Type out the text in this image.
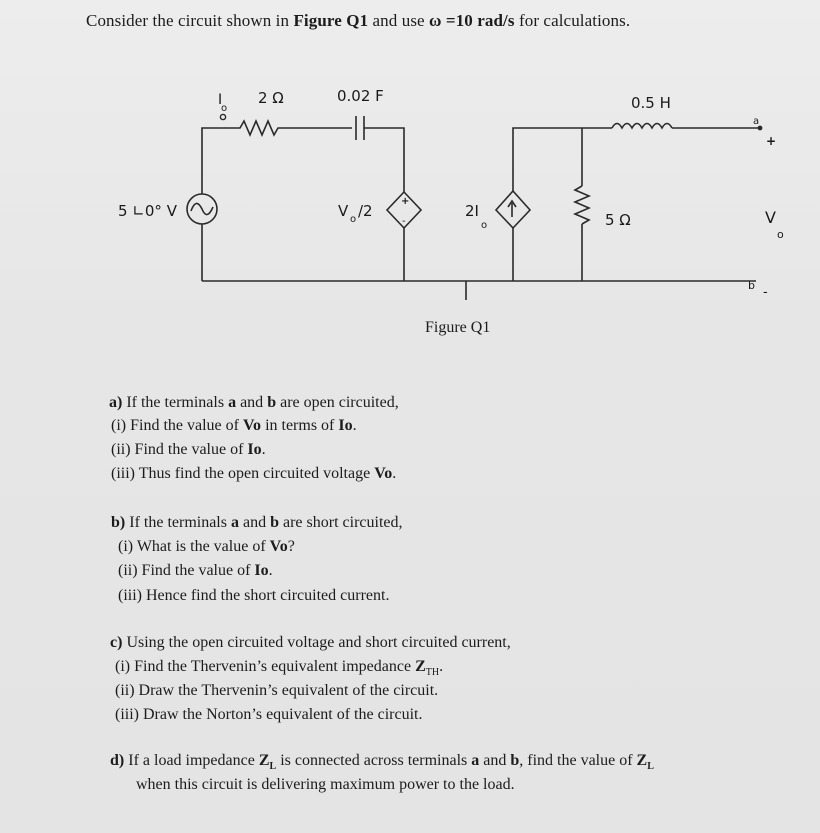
Consider the circuit shown in Figure Q1 and use ω =10 rad/s for calculations.
5 ∟0° V
2 Ω	0.02 F	0.5 H
5 Ω
I
o
V o /2
+
-
2I
o	V
o
a
+
b -
Figure Q1
a) If the terminals a and b are open circuited,
(i) Find the value of Vo in terms of Io.
(ii) Find the value of Io.
(iii) Thus find the open circuited voltage Vo.
b) If the terminals a and b are short circuited,
(i) What is the value of Vo?
(ii) Find the value of Io.
(iii) Hence find the short circuited current.
c) Using the open circuited voltage and short circuited current,
(i) Find the Thervenin’s equivalent impedance $Z_{TH}$.
(ii) Draw the Thervenin’s equivalent of the circuit.
(iii) Draw the Norton’s equivalent of the circuit.
d) If a load impedance $Z_L$ is connected across terminals a and b, find the value of $Z_L$
when this circuit is delivering maximum power to the load.
